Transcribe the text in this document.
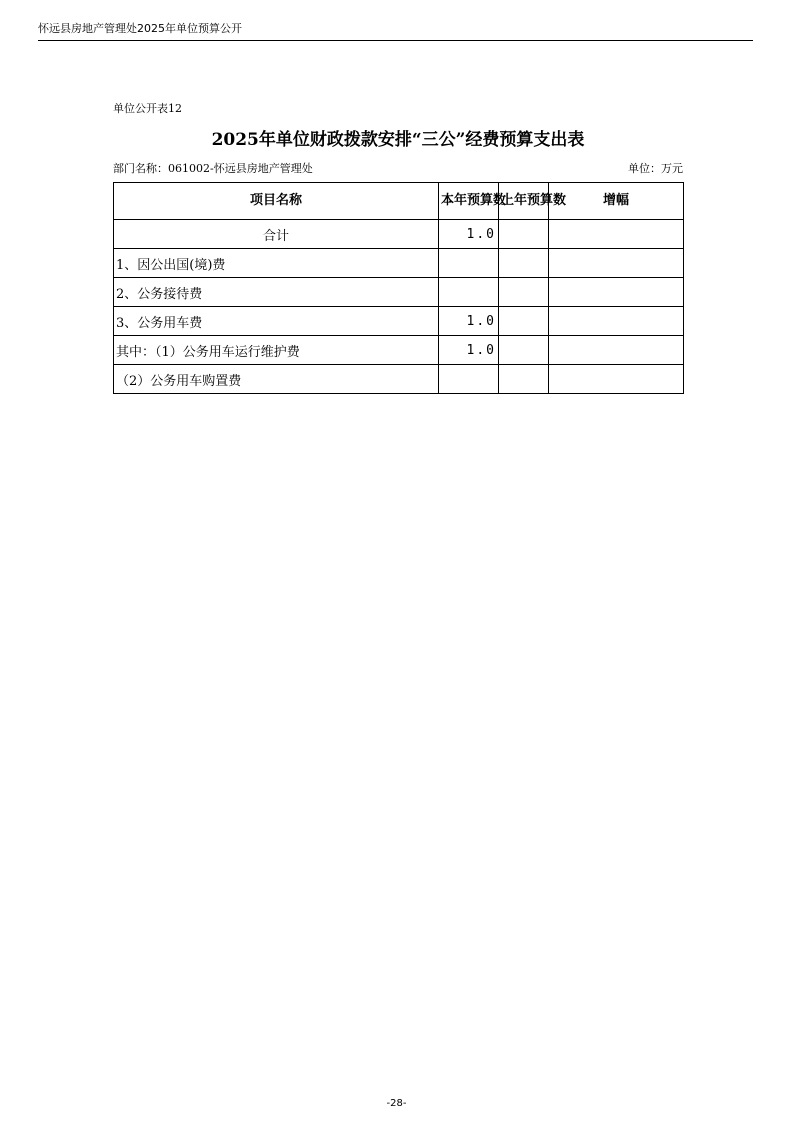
怀远县房地产管理处2025年单位预算公开
单位公开表12
2025年单位财政拨款安排“三公”经费预算支出表
部门名称：061002-怀远县房地产管理处	单位：万元
项目名称	本年预算数	上年预算数	增幅
合计	1.0		
1、因公出国(境)费			
2、公务接待费			
3、公务用车费	1.0		
其中：（1）公务用车运行维护费	1.0		
（2）公务用车购置费			
-28-
